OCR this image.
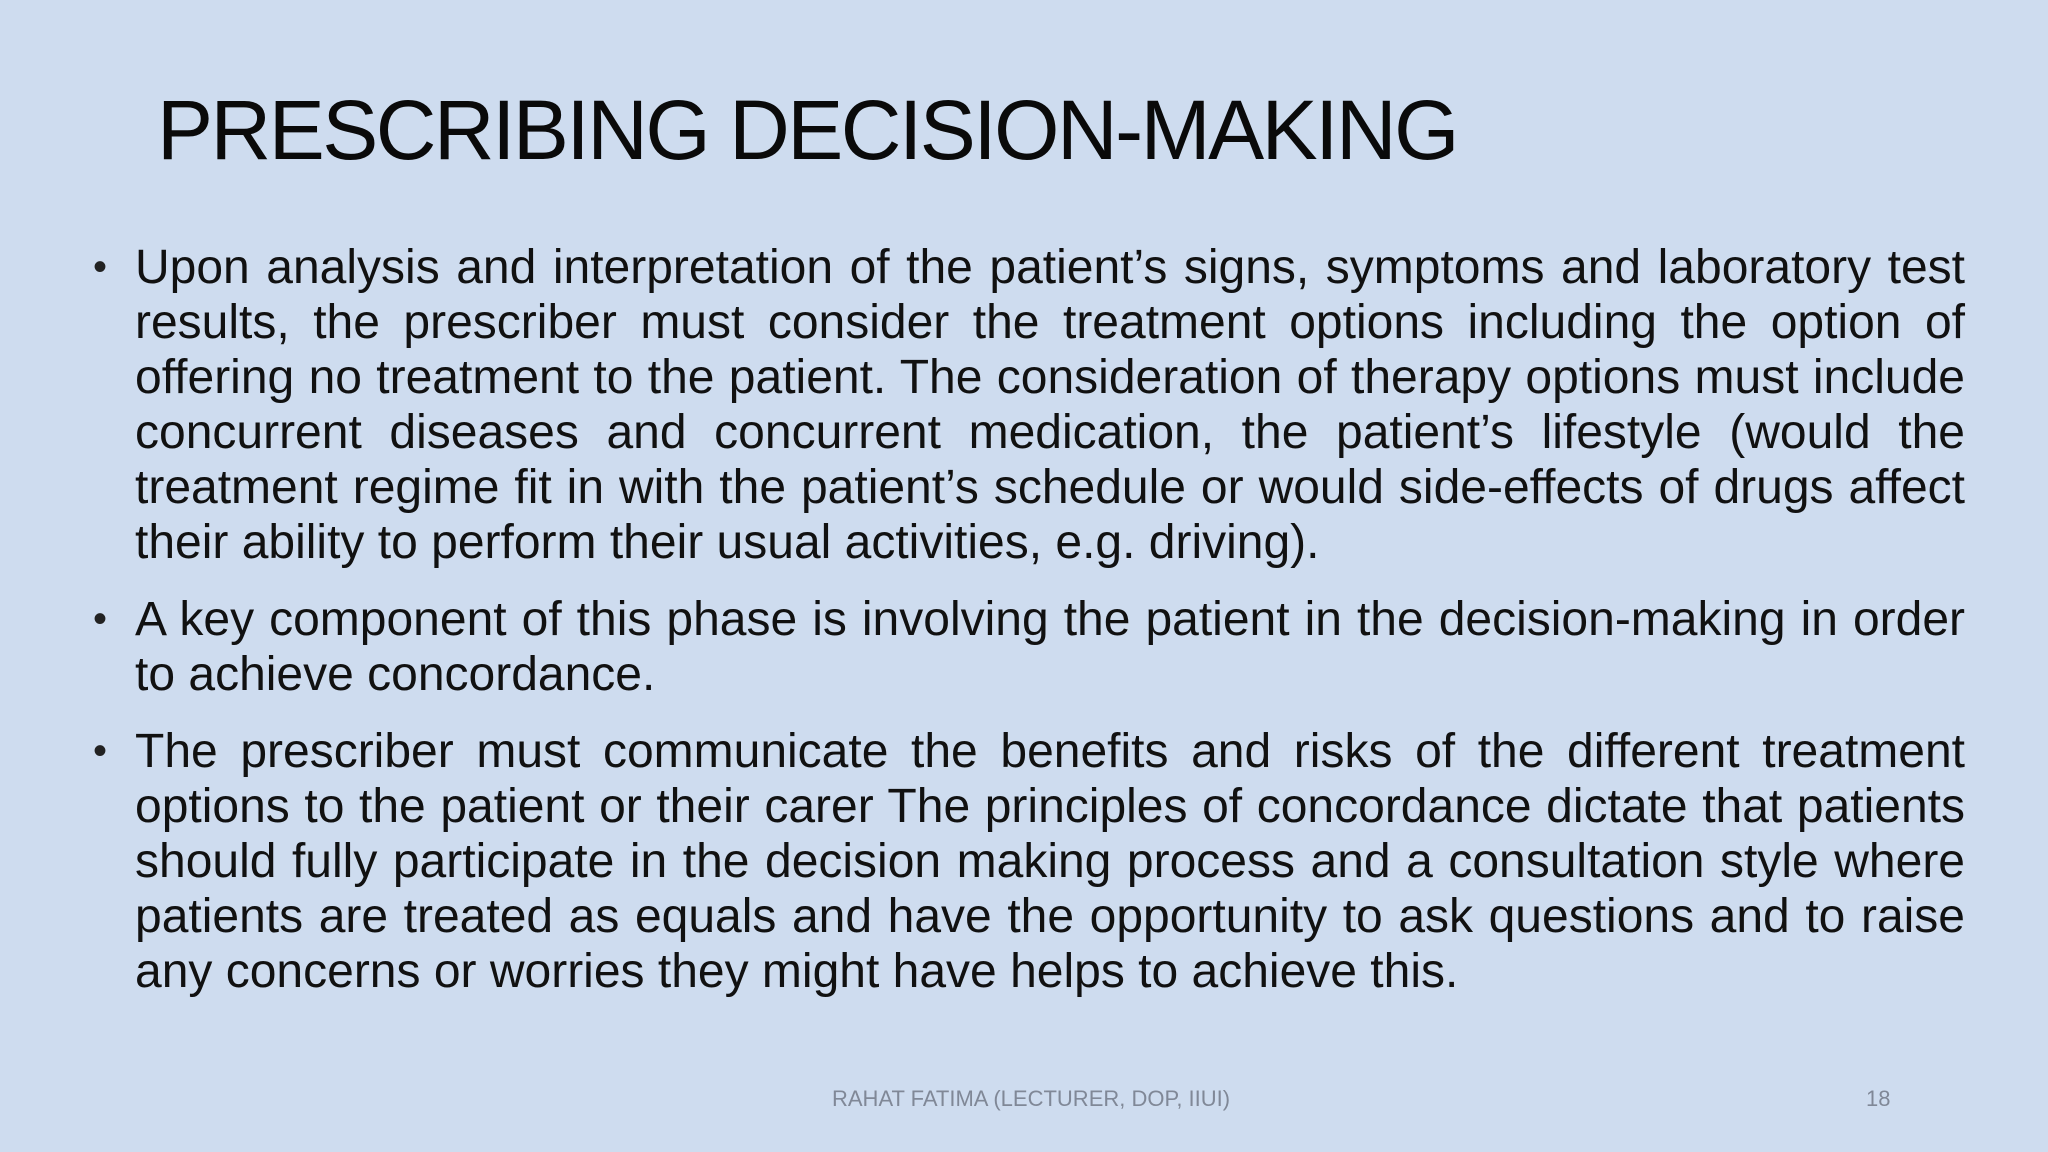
PRESCRIBING DECISION-MAKING
• Upon analysis and interpretation of the patient’s signs, symptoms and laboratory test results, the prescriber must consider the treatment options including the option of offering no treatment to the patient. The consideration of therapy options must include concurrent diseases and concurrent medication, the patient’s lifestyle (would the treatment regime fit in with the patient’s schedule or would side-effects of drugs affect their ability to perform their usual activities, e.g. driving).
• A key component of this phase is involving the patient in the decision-making in order to achieve concordance.
• The prescriber must communicate the benefits and risks of the different treatment options to the patient or their carer The principles of concordance dictate that patients should fully participate in the decision making process and a consultation style where patients are treated as equals and have the opportunity to ask questions and to raise any concerns or worries they might have helps to achieve this.
RAHAT FATIMA (LECTURER, DOP, IIUI)	18
